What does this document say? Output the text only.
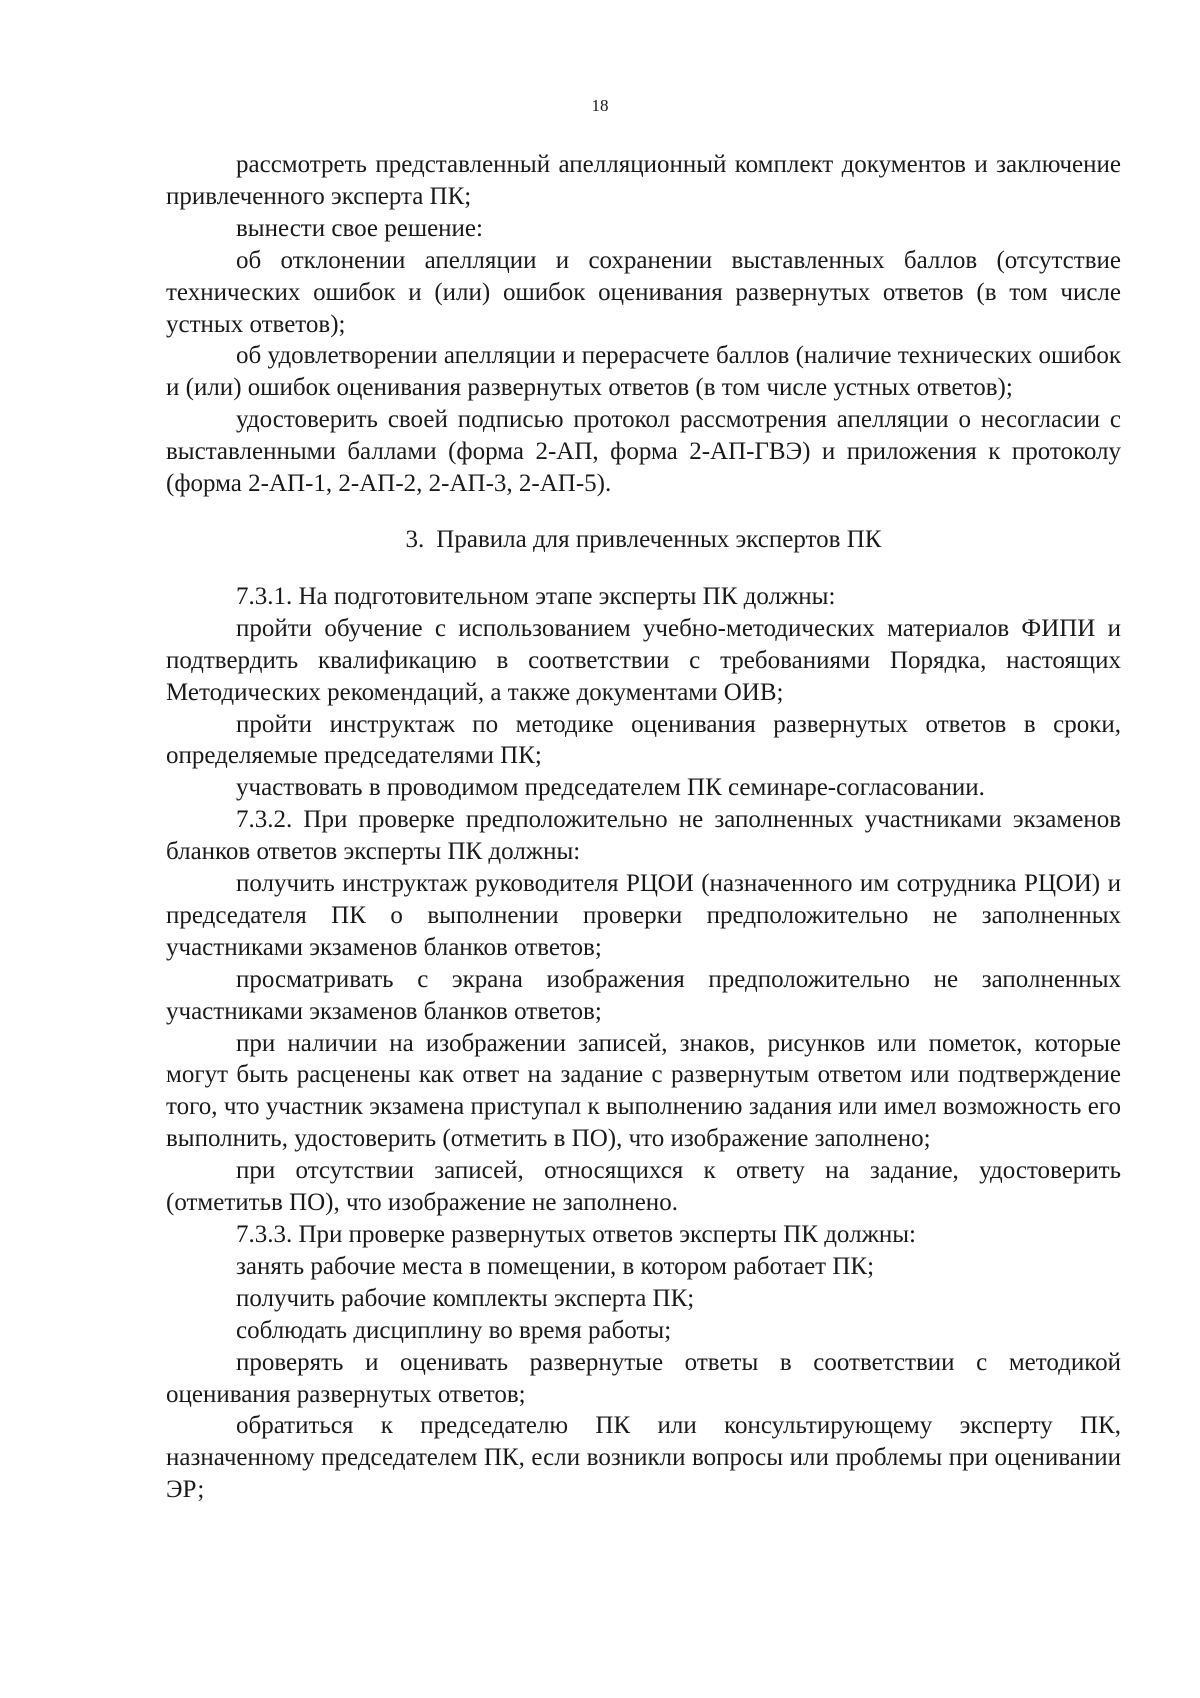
18

рассмотреть представленный апелляционный комплект документов и заключение привлеченного эксперта ПК;

вынести свое решение:

об отклонении апелляции и сохранении выставленных баллов (отсутствие технических ошибок и (или) ошибок оценивания развернутых ответов (в том числе устных ответов);

об удовлетворении апелляции и перерасчете баллов (наличие технических ошибок и (или) ошибок оценивания развернутых ответов (в том числе устных ответов);

удостоверить своей подписью протокол рассмотрения апелляции о несогласии с выставленными баллами (форма 2-АП, форма 2-АП-ГВЭ) и приложения к протоколу (форма 2-АП-1, 2-АП-2, 2-АП-3, 2-АП-5).

3. Правила для привлеченных экспертов ПК

7.3.1. На подготовительном этапе эксперты ПК должны:

пройти обучение с использованием учебно-методических материалов ФИПИ и подтвердить квалификацию в соответствии с требованиями Порядка, настоящих Методических рекомендаций, а также документами ОИВ;

пройти инструктаж по методике оценивания развернутых ответов в сроки, определяемые председателями ПК;

участвовать в проводимом председателем ПК семинаре-согласовании.

7.3.2. При проверке предположительно не заполненных участниками экзаменов бланков ответов эксперты ПК должны:

получить инструктаж руководителя РЦОИ (назначенного им сотрудника РЦОИ) и председателя ПК о выполнении проверки предположительно не заполненных участниками экзаменов бланков ответов;

просматривать с экрана изображения предположительно не заполненных участниками экзаменов бланков ответов;

при наличии на изображении записей, знаков, рисунков или пометок, которые могут быть расценены как ответ на задание с развернутым ответом или подтверждение того, что участник экзамена приступал к выполнению задания или имел возможность его выполнить, удостоверить (отметить в ПО), что изображение заполнено;

при отсутствии записей, относящихся к ответу на задание, удостоверить (отметитьв ПО), что изображение не заполнено.

7.3.3. При проверке развернутых ответов эксперты ПК должны:

занять рабочие места в помещении, в котором работает ПК;

получить рабочие комплекты эксперта ПК;

соблюдать дисциплину во время работы;

проверять и оценивать развернутые ответы в соответствии с методикой оценивания развернутых ответов;

обратиться к председателю ПК или консультирующему эксперту ПК, назначенному председателем ПК, если возникли вопросы или проблемы при оценивании ЭР;
